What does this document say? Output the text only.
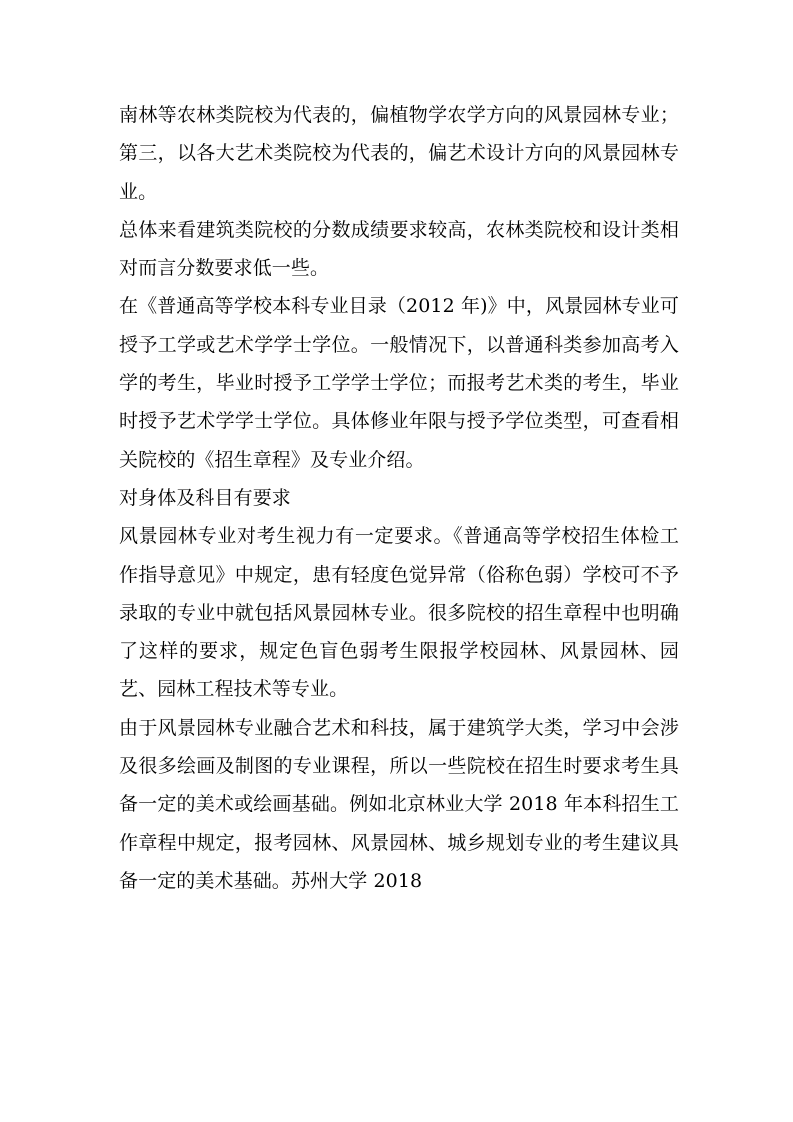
南林等农林类院校为代表的，偏植物学农学方向的风景园林专业；第三，以各大艺术类院校为代表的，偏艺术设计方向的风景园林专业。

总体来看建筑类院校的分数成绩要求较高，农林类院校和设计类相对而言分数要求低一些。

在《普通高等学校本科专业目录（2012 年)》中，风景园林专业可授予工学或艺术学学士学位。一般情况下，以普通科类参加高考入学的考生，毕业时授予工学学士学位；而报考艺术类的考生，毕业时授予艺术学学士学位。具体修业年限与授予学位类型，可查看相关院校的《招生章程》及专业介绍。

对身体及科目有要求

风景园林专业对考生视力有一定要求。《普通高等学校招生体检工作指导意见》中规定，患有轻度色觉异常（俗称色弱）学校可不予录取的专业中就包括风景园林专业。很多院校的招生章程中也明确了这样的要求，规定色盲色弱考生限报学校园林、风景园林、园艺、园林工程技术等专业。

由于风景园林专业融合艺术和科技，属于建筑学大类，学习中会涉及很多绘画及制图的专业课程，所以一些院校在招生时要求考生具备一定的美术或绘画基础。例如北京林业大学 2018 年本科招生工作章程中规定，报考园林、风景园林、城乡规划专业的考生建议具备一定的美术基础。苏州大学 2018
